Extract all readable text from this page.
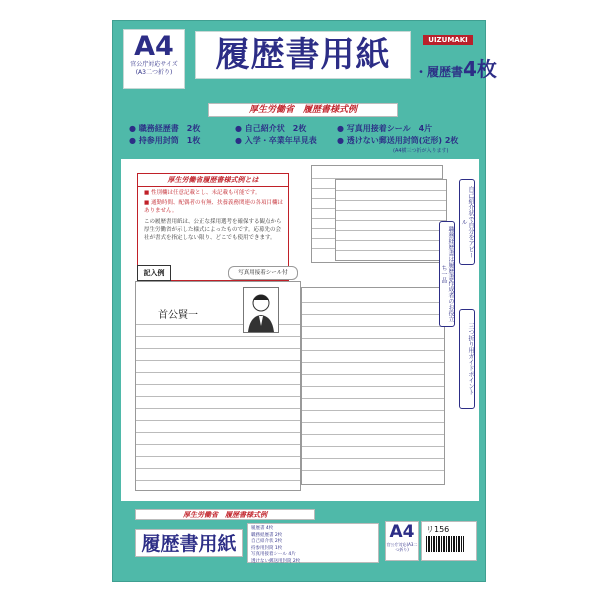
A4
官公庁対応サイズ
(A3二つ折り)	履歴書用紙	UIZUMAKI
・履歴書4枚
厚生労働省　履歴書様式例
● 職務経歴書　2枚	● 自己紹介状　2枚	● 写真用接着シール　4片
● 持参用封筒　1枚	● 入学・卒業年早見表	● 透けない郵送用封筒(定形) 2枚
(A4横三つ折が入ります)
厚生労働省履歴書様式例とは
■ 性別欄は任意記載とし、未記載も可能です。
■ 通勤時間、配偶者の有無、扶養義務関連の各項目欄はありません。
この履歴書用紙は、公正な採用選考を確保する観点から厚生労働省が示した様式によったものです。応募先の会社が書式を指定しない限り、どこでも使用できます。
記入例	写真用接着シール付
首公賢一
自己紹介状で自分をアピール
職務経歴書は履歴書作成者のお役立ち一品
三つ折り用ガイドポイント
厚生労働省　履歴書様式例
履歴書用紙
履歴書 4枚
職務経歴書 2枚
自己紹介状 2枚
持参用封筒 1枚
写真用接着シール 4片
透けない郵送用封筒 2枚
A4
官公庁対応(A3二つ折り)
リ156
